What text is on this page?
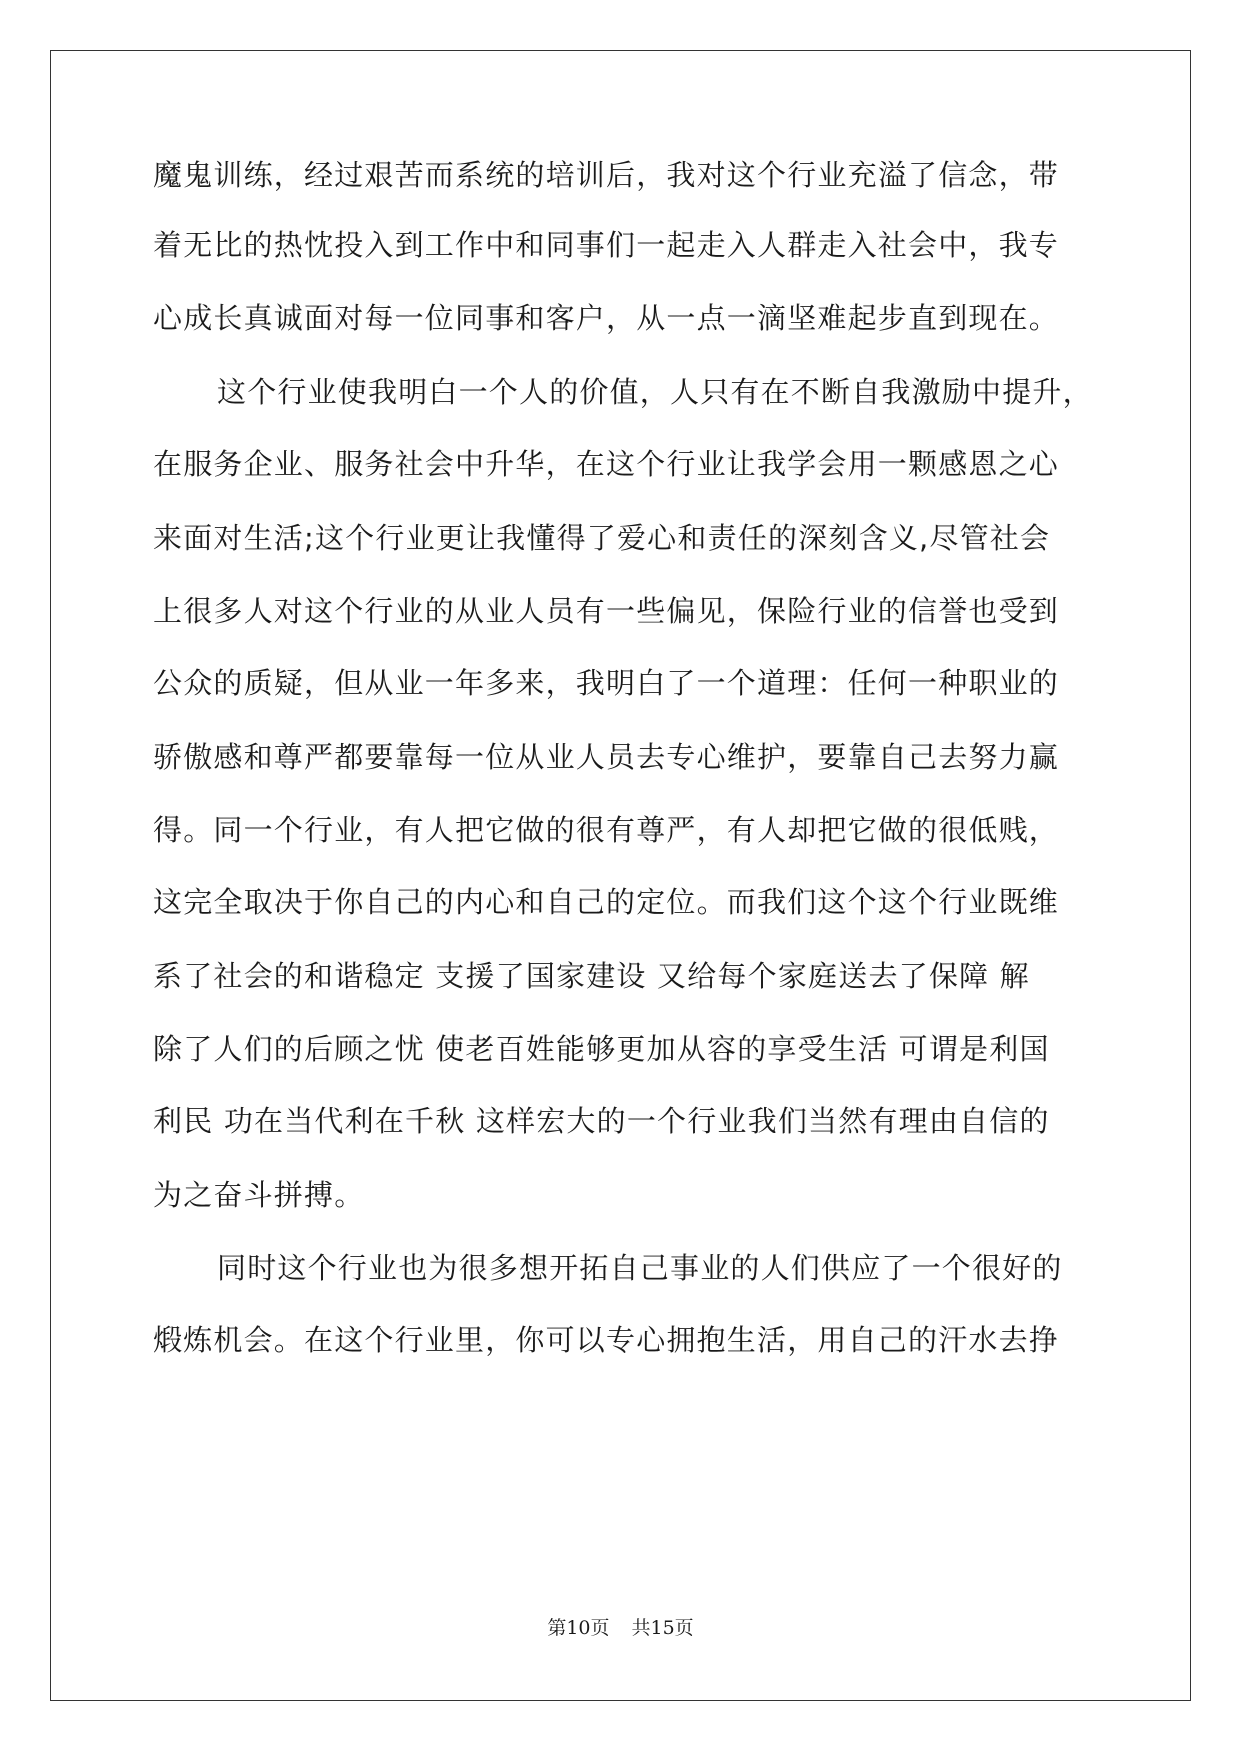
魔鬼训练，经过艰苦而系统的培训后，我对这个行业充溢了信念，带
着无比的热忱投入到工作中和同事们一起走入人群走入社会中，我专
心成长真诚面对每一位同事和客户，从一点一滴坚难起步直到现在。
这个行业使我明白一个人的价值，人只有在不断自我激励中提升，
在服务企业、服务社会中升华，在这个行业让我学会用一颗感恩之心
来面对生活;这个行业更让我懂得了爱心和责任的深刻含义,尽管社会
上很多人对这个行业的从业人员有一些偏见，保险行业的信誉也受到
公众的质疑，但从业一年多来，我明白了一个道理：任何一种职业的
骄傲感和尊严都要靠每一位从业人员去专心维护，要靠自己去努力赢
得。同一个行业，有人把它做的很有尊严，有人却把它做的很低贱，
这完全取决于你自己的内心和自己的定位。而我们这个这个行业既维
系了社会的和谐稳定 支援了国家建设 又给每个家庭送去了保障 解
除了人们的后顾之忧 使老百姓能够更加从容的享受生活 可谓是利国
利民 功在当代利在千秋 这样宏大的一个行业我们当然有理由自信的
为之奋斗拼搏。
同时这个行业也为很多想开拓自己事业的人们供应了一个很好的
煅炼机会。在这个行业里，你可以专心拥抱生活，用自己的汗水去挣
第10页 共15页
